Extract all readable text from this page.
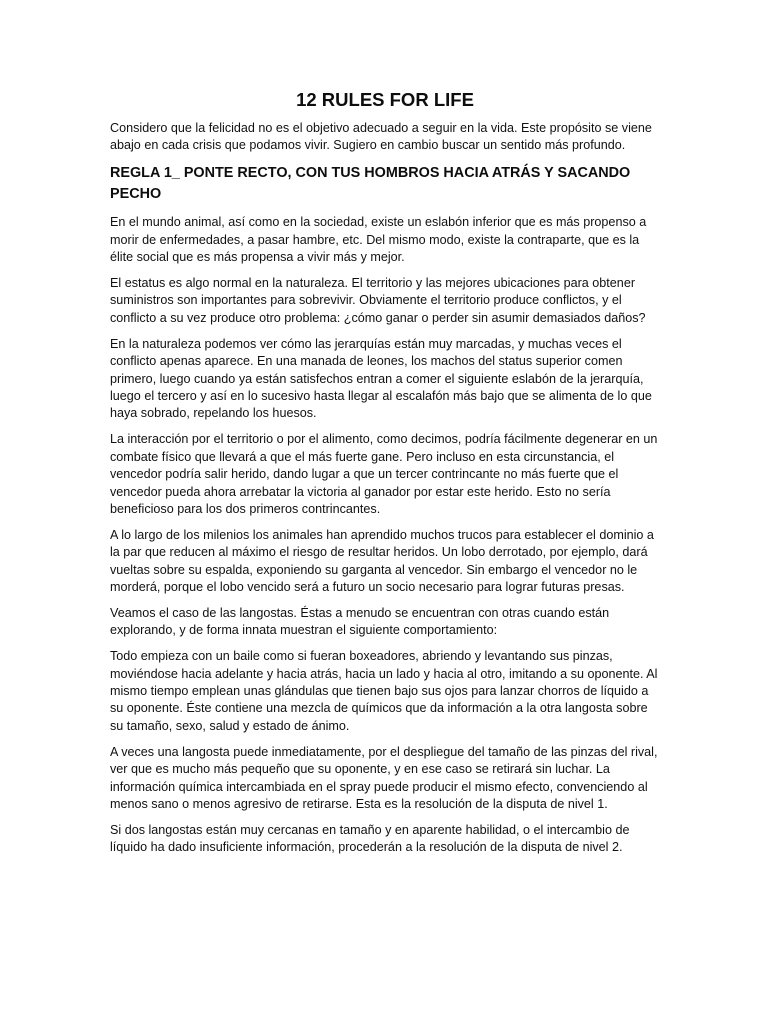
12 RULES FOR LIFE

Considero que la felicidad no es el objetivo adecuado a seguir en la vida. Este propósito se viene abajo en cada crisis que podamos vivir. Sugiero en cambio buscar un sentido más profundo.

REGLA 1_ PONTE RECTO, CON TUS HOMBROS HACIA ATRÁS Y SACANDO PECHO

En el mundo animal, así como en la sociedad, existe un eslabón inferior que es más propenso a morir de enfermedades, a pasar hambre, etc. Del mismo modo, existe la contraparte, que es la élite social que es más propensa a vivir más y mejor.

El estatus es algo normal en la naturaleza. El territorio y las mejores ubicaciones para obtener suministros son importantes para sobrevivir. Obviamente el territorio produce conflictos, y el conflicto a su vez produce otro problema: ¿cómo ganar o perder sin asumir demasiados daños?

En la naturaleza podemos ver cómo las jerarquías están muy marcadas, y muchas veces el conflicto apenas aparece. En una manada de leones, los machos del status superior comen primero, luego cuando ya están satisfechos entran a comer el siguiente eslabón de la jerarquía, luego el tercero y así en lo sucesivo hasta llegar al escalafón más bajo que se alimenta de lo que haya sobrado, repelando los huesos.

La interacción por el territorio o por el alimento, como decimos, podría fácilmente degenerar en un combate físico que llevará a que el más fuerte gane. Pero incluso en esta circunstancia, el vencedor podría salir herido, dando lugar a que un tercer contrincante no más fuerte que el vencedor pueda ahora arrebatar la victoria al ganador por estar este herido. Esto no sería beneficioso para los dos primeros contrincantes.

A lo largo de los milenios los animales han aprendido muchos trucos para establecer el dominio a la par que reducen al máximo el riesgo de resultar heridos. Un lobo derrotado, por ejemplo, dará vueltas sobre su espalda, exponiendo su garganta al vencedor. Sin embargo el vencedor no le morderá, porque el lobo vencido será a futuro un socio necesario para lograr futuras presas.

Veamos el caso de las langostas. Éstas a menudo se encuentran con otras cuando están explorando, y de forma innata muestran el siguiente comportamiento:

Todo empieza con un baile como si fueran boxeadores, abriendo y levantando sus pinzas, moviéndose hacia adelante y hacia atrás, hacia un lado y hacia al otro, imitando a su oponente. Al mismo tiempo emplean unas glándulas que tienen bajo sus ojos para lanzar chorros de líquido a su oponente. Éste contiene una mezcla de químicos que da información a la otra langosta sobre su tamaño, sexo, salud y estado de ánimo.

A veces una langosta puede inmediatamente, por el despliegue del tamaño de las pinzas del rival, ver que es mucho más pequeño que su oponente, y en ese caso se retirará sin luchar. La información química intercambiada en el spray puede producir el mismo efecto, convenciendo al menos sano o menos agresivo de retirarse. Esta es la resolución de la disputa de nivel 1.

Si dos langostas están muy cercanas en tamaño y en aparente habilidad, o el intercambio de líquido ha dado insuficiente información, procederán a la resolución de la disputa de nivel 2.
